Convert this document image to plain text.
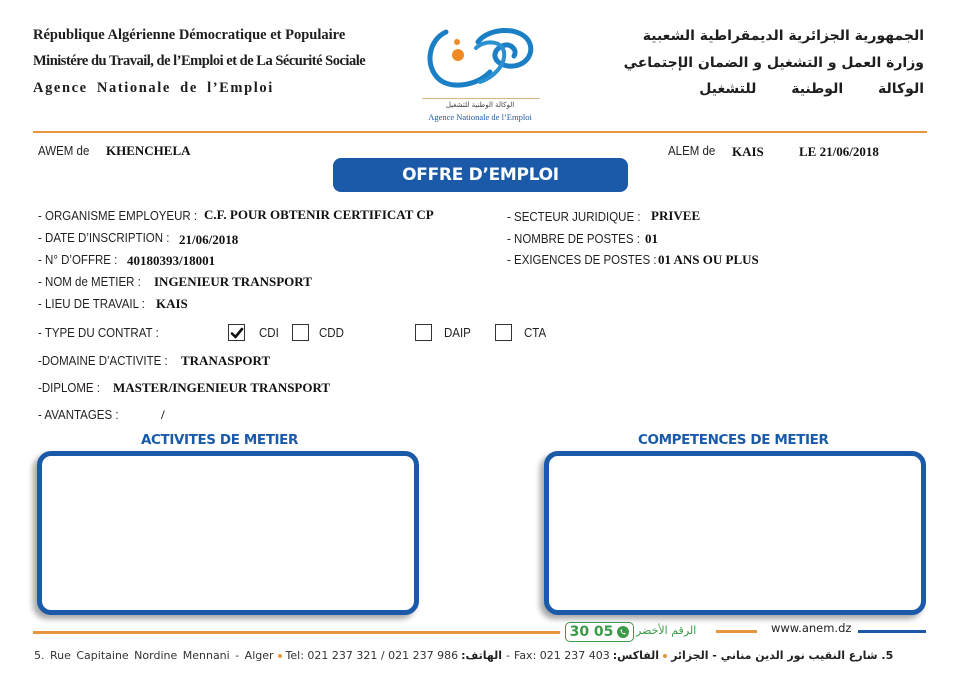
République Algérienne Démocratique et Populaire
Ministére du Travail, de l’Emploi et de La Sécurité Sociale
Agence Nationale de l’Emploi
الوكالة الوطنية للتشغيل
Agence Nationale de l’Emploi
الجمهورية الجزائرية الديمقراطية الشعبية
وزارة العمل و التشغيل و الضمان الإجتماعي
الوكالة الوطنية للتشغيل
AWEM de KHENCHELA	ALEM de KAIS	LE 21/06/2018
OFFRE D’EMPLOI
- ORGANISME EMPLOYEUR : C.F. POUR OBTENIR CERTIFICAT CP
- DATE D’INSCRIPTION : 21/06/2018
- N° D’OFFRE : 40180393/18001
- NOM de METIER : INGENIEUR TRANSPORT
- LIEU DE TRAVAIL : KAIS
- SECTEUR JURIDIQUE : PRIVEE
- NOMBRE DE POSTES : 01
- EXIGENCES DE POSTES : 01 ANS OU PLUS
- TYPE DU CONTRAT :	CDI	CDD	DAIP	CTA
-DOMAINE D’ACTIVITE : TRANASPORT
-DIPLOME : MASTER/INGENIEUR TRANSPORT
- AVANTAGES :	/
ACTIVITES DE METIER	COMPETENCES DE METIER
30 05 الرقم الأخضر	www.anem.dz
5. Rue Capitaine Nordine Mennani - Alger Tel: 021 237 321 / 021 237 986 الهاتف: - Fax: 021 237 403 الفاكس: 5. شارع النقيب نور الدين مناني - الجزائر
